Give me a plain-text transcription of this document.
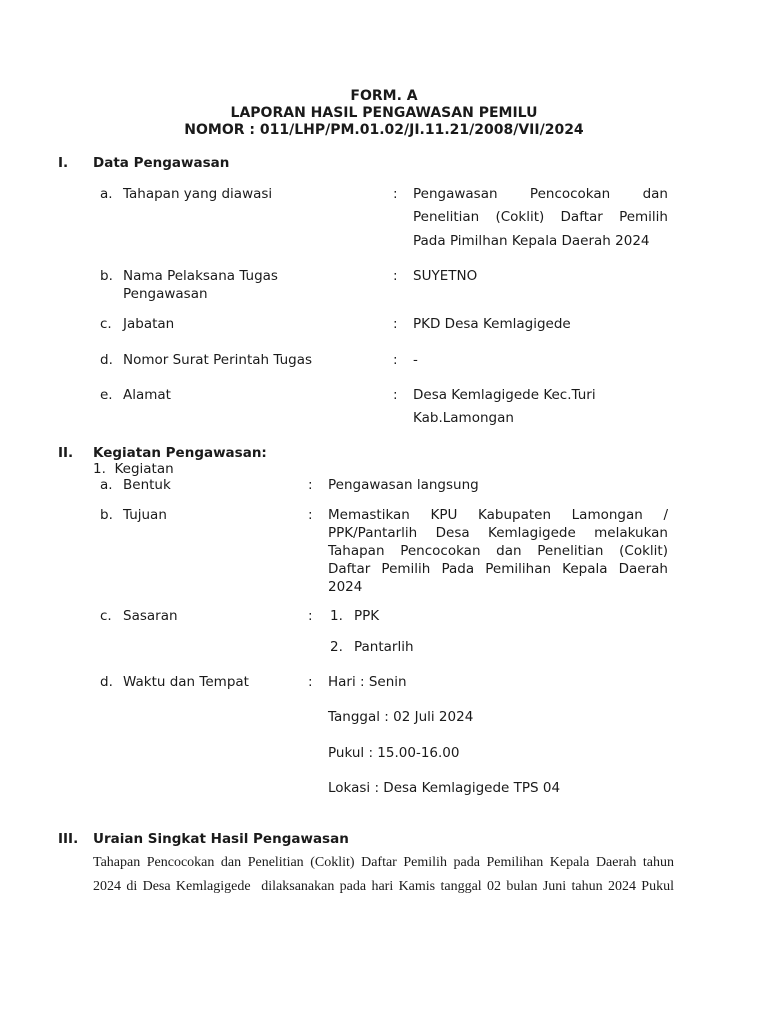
FORM. A
LAPORAN HASIL PENGAWASAN PEMILU
NOMOR : 011/LHP/PM.01.02/JI.11.21/2008/VII/2024
I. Data Pengawasan
a. Tahapan yang diawasi	: Pengawasan Pencocokan dan
Penelitian (Coklit) Daftar Pemilih
Pada Pimilhan Kepala Daerah 2024
b. Nama Pelaksana Tugas
Pengawasan
: SUYETNO
c. Jabatan	: PKD Desa Kemlagigede
d. Nomor Surat Perintah Tugas	: -
e. Alamat	: Desa Kemlagigede Kec.Turi
Kab.Lamongan
II. Kegiatan Pengawasan:
1.  Kegiatan
a. Bentuk	: Pengawasan langsung
b. Tujuan	: Memastikan KPU Kabupaten Lamongan /
PPK/Pantarlih Desa Kemlagigede melakukan
Tahapan Pencocokan dan Penelitian (Coklit)
Daftar Pemilih Pada Pemilihan Kepala Daerah
2024
c. Sasaran	: 1. PPK
2. Pantarlih
d. Waktu dan Tempat	: Hari : Senin
Tanggal : 02 Juli 2024
Pukul : 15.00-16.00
Lokasi : Desa Kemlagigede TPS 04
III. Uraian Singkat Hasil Pengawasan
Tahapan Pencocokan dan Penelitian (Coklit) Daftar Pemilih pada Pemilihan Kepala Daerah tahun
2024 di Desa Kemlagigede  dilaksanakan pada hari Kamis tanggal 02 bulan Juni tahun 2024 Pukul
